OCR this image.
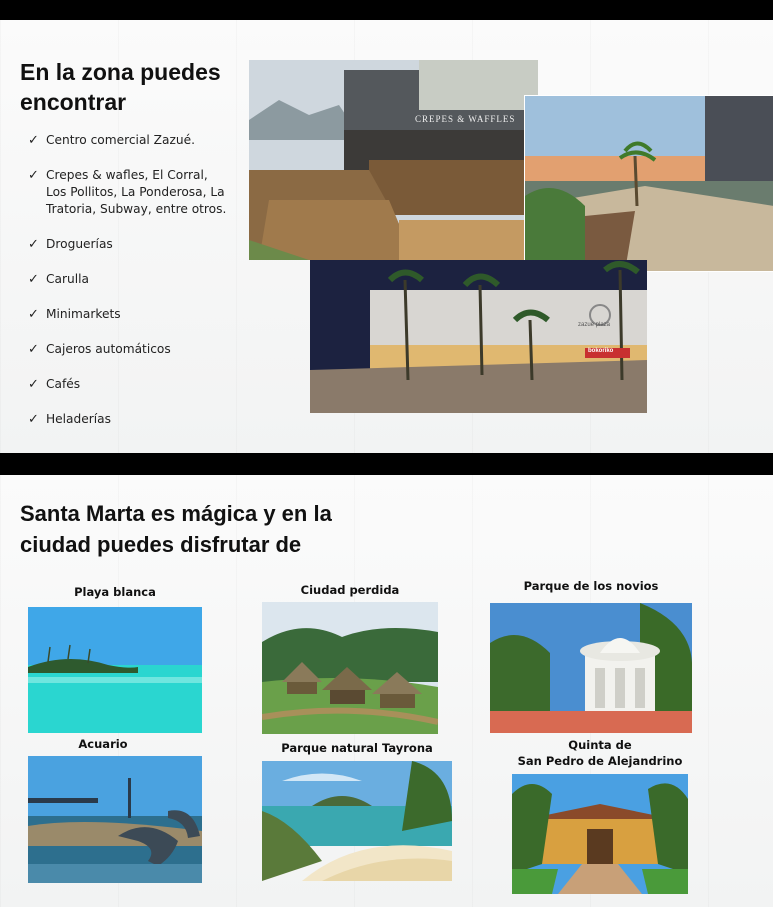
En la zona puedes
encontrar
✓ Centro comercial Zazué.
✓ Crepes & wafles, El Corral,
Los Pollitos, La Ponderosa, La
Tratoria, Subway, entre otros.
✓ Droguerías
✓ Carulla
✓ Minimarkets
✓ Cajeros automáticos
✓ Cafés
✓ Heladerías
CREPES & WAFFLES
zazue plaza
bokoriko
Santa Marta es mágica y en la
ciudad puedes disfrutar de
Playa blanca	Ciudad perdida	Parque de los novios
Acuario	Parque natural Tayrona	Quinta de
San Pedro de Alejandrino
